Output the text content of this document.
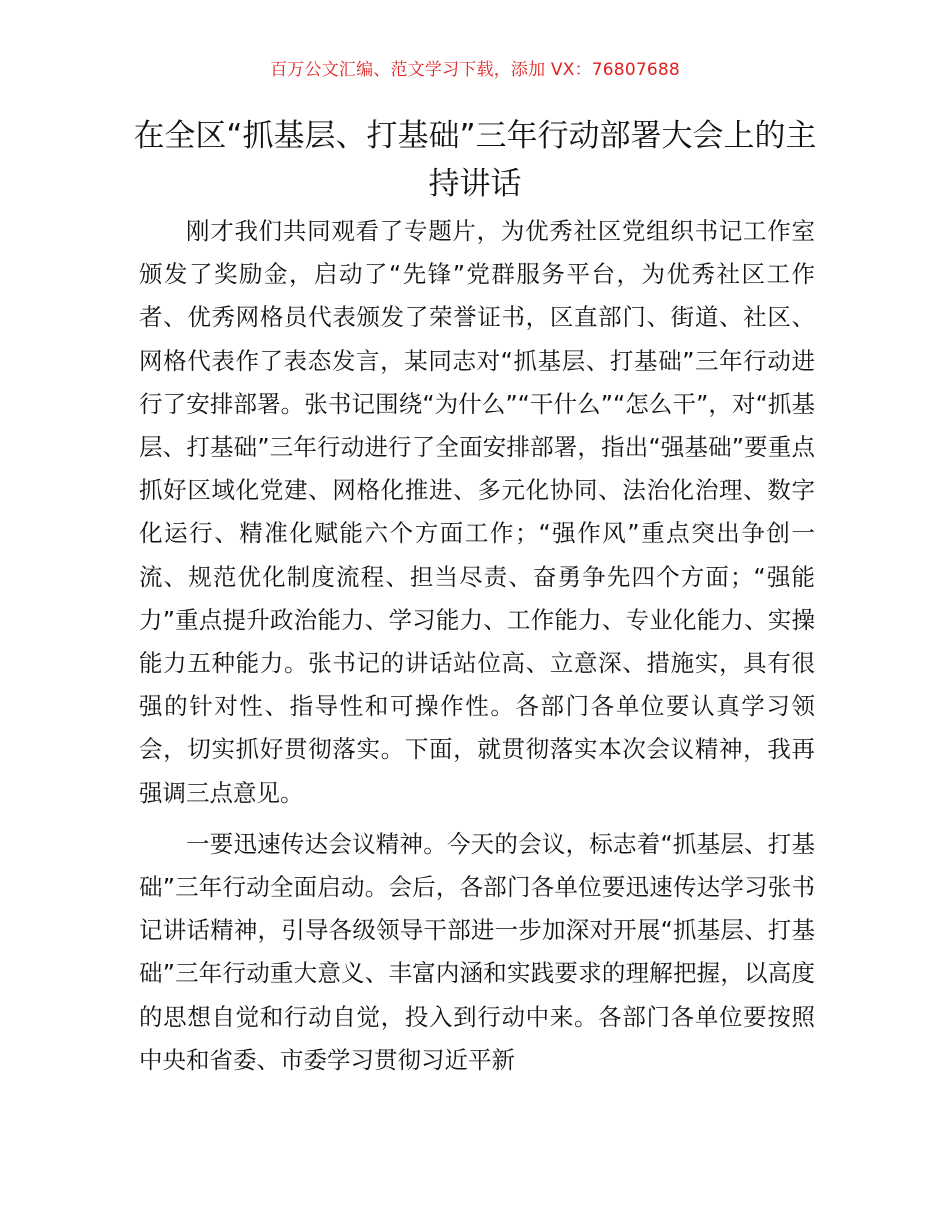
百万公文汇编、范文学习下载，添加 VX：76807688
在全区“抓基层、打基础”三年行动部署大会上的主持讲话

刚才我们共同观看了专题片，为优秀社区党组织书记工作室颁发了奖励金，启动了“先锋”党群服务平台，为优秀社区工作者、优秀网格员代表颁发了荣誉证书，区直部门、街道、社区、网格代表作了表态发言，某同志对“抓基层、打基础”三年行动进行了安排部署。张书记围绕“为什么”“干什么”“怎么干”，对“抓基层、打基础”三年行动进行了全面安排部署，指出“强基础”要重点抓好区域化党建、网格化推进、多元化协同、法治化治理、数字化运行、精准化赋能六个方面工作；“强作风”重点突出争创一流、规范优化制度流程、担当尽责、奋勇争先四个方面；“强能力”重点提升政治能力、学习能力、工作能力、专业化能力、实操能力五种能力。张书记的讲话站位高、立意深、措施实，具有很强的针对性、指导性和可操作性。各部门各单位要认真学习领会，切实抓好贯彻落实。下面，就贯彻落实本次会议精神，我再强调三点意见。

一要迅速传达会议精神。今天的会议，标志着“抓基层、打基础”三年行动全面启动。会后，各部门各单位要迅速传达学习张书记讲话精神，引导各级领导干部进一步加深对开展“抓基层、打基础”三年行动重大意义、丰富内涵和实践要求的理解把握，以高度的思想自觉和行动自觉，投入到行动中来。各部门各单位要按照中央和省委、市委学习贯彻习近平新
